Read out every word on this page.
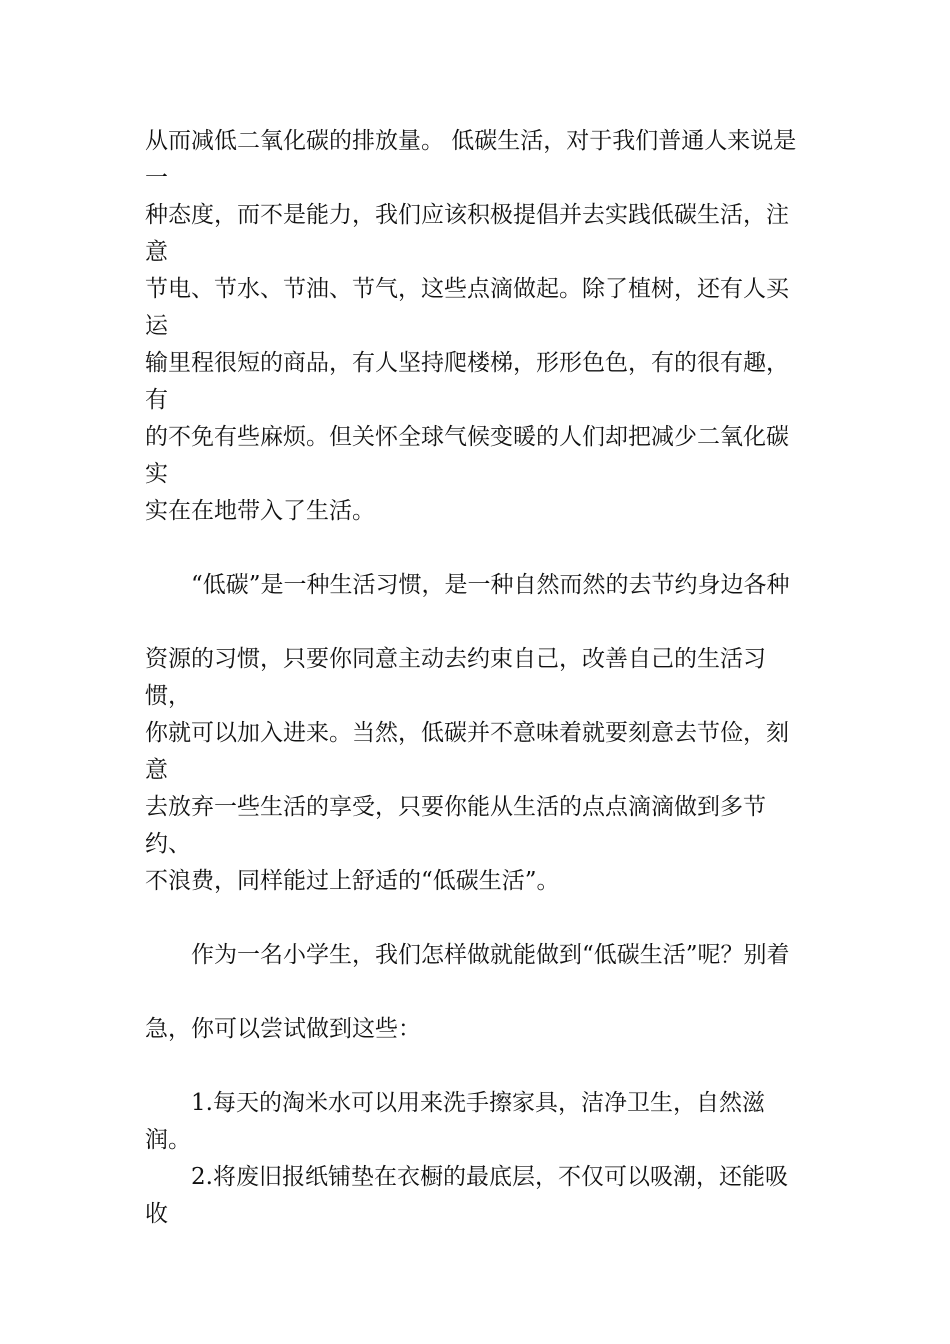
从而减低二氧化碳的排放量。 低碳生活，对于我们普通人来说是一
种态度，而不是能力，我们应该积极提倡并去实践低碳生活，注意
节电、节水、节油、节气，这些点滴做起。除了植树，还有人买运
输里程很短的商品，有人坚持爬楼梯，形形色色，有的很有趣，有
的不免有些麻烦。但关怀全球气候变暖的人们却把减少二氧化碳实
实在在地带入了生活。
　　“低碳”是一种生活习惯，是一种自然而然的去节约身边各种
资源的习惯，只要你同意主动去约束自己，改善自己的生活习惯，
你就可以加入进来。当然，低碳并不意味着就要刻意去节俭，刻意
去放弃一些生活的享受，只要你能从生活的点点滴滴做到多节约、
不浪费，同样能过上舒适的“低碳生活”。
　　作为一名小学生，我们怎样做就能做到“低碳生活”呢？别着
急，你可以尝试做到这些：
　　1.每天的淘米水可以用来洗手擦家具，洁净卫生，自然滋润。
　　2.将废旧报纸铺垫在衣橱的最底层，不仅可以吸潮，还能吸收
